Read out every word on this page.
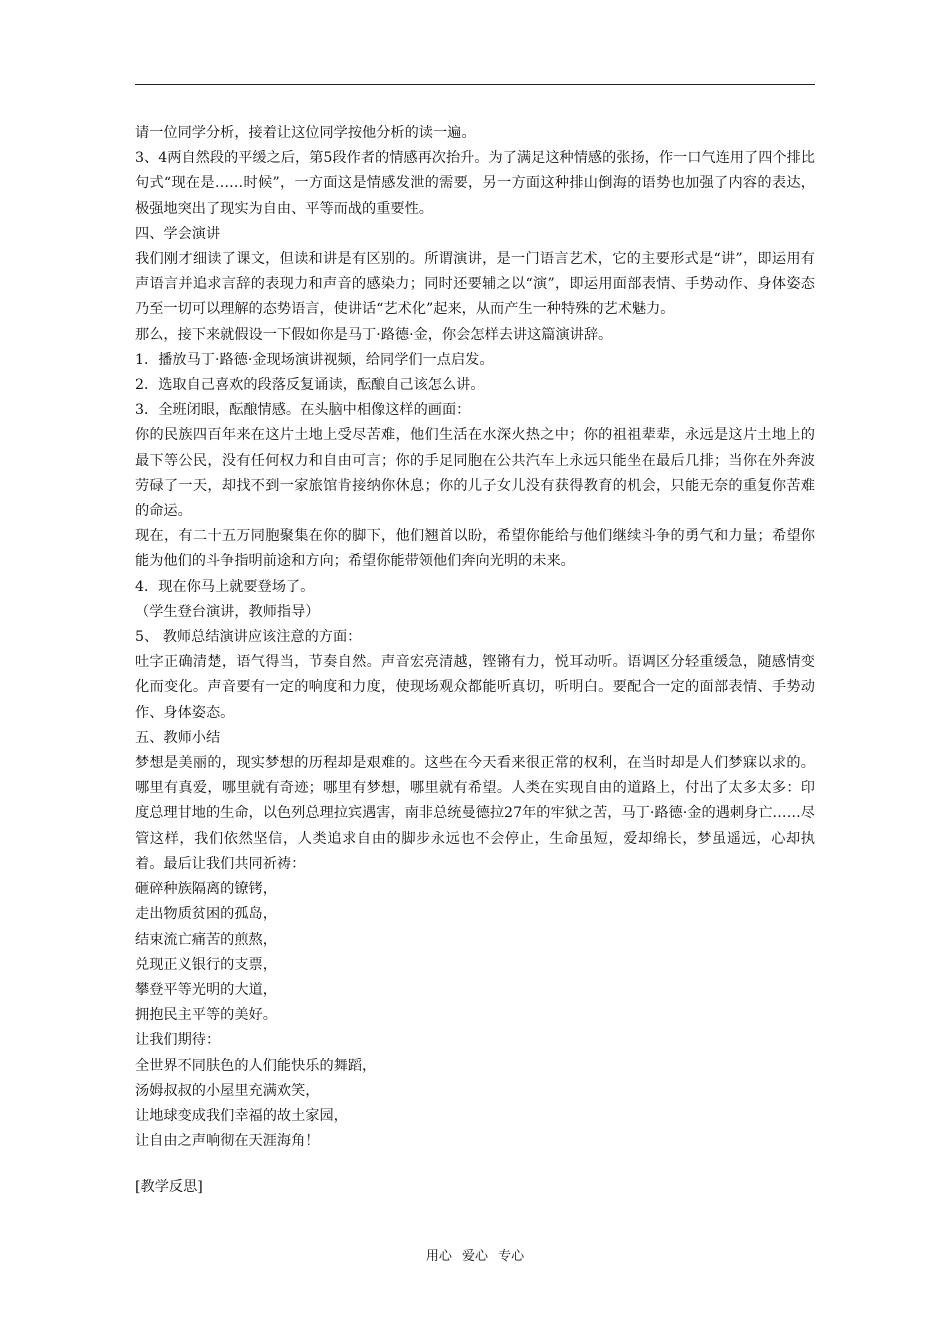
请一位同学分析，接着让这位同学按他分析的读一遍。

3、4两自然段的平缓之后，第5段作者的情感再次抬升。为了满足这种情感的张扬，作一口气连用了四个排比句式“现在是……时候”，一方面这是情感发泄的需要，另一方面这种排山倒海的语势也加强了内容的表达，极强地突出了现实为自由、平等而战的重要性。

四、学会演讲

我们刚才细读了课文，但读和讲是有区别的。所谓演讲，是一门语言艺术，它的主要形式是“讲”，即运用有声语言并追求言辞的表现力和声音的感染力；同时还要辅之以“演”，即运用面部表情、手势动作、身体姿态乃至一切可以理解的态势语言，使讲话“艺术化”起来，从而产生一种特殊的艺术魅力。

那么，接下来就假设一下假如你是马丁·路德·金，你会怎样去讲这篇演讲辞。

1．播放马丁·路德·金现场演讲视频，给同学们一点启发。

2．选取自己喜欢的段落反复诵读，酝酿自己该怎么讲。

3．全班闭眼，酝酿情感。在头脑中相像这样的画面：

你的民族四百年来在这片土地上受尽苦难，他们生活在水深火热之中；你的祖祖辈辈，永远是这片土地上的最下等公民，没有任何权力和自由可言；你的手足同胞在公共汽车上永远只能坐在最后几排；当你在外奔波劳碌了一天，却找不到一家旅馆肯接纳你休息；你的儿子女儿没有获得教育的机会，只能无奈的重复你苦难的命运。

现在，有二十五万同胞聚集在你的脚下，他们翘首以盼，希望你能给与他们继续斗争的勇气和力量；希望你能为他们的斗争指明前途和方向；希望你能带领他们奔向光明的未来。

4．现在你马上就要登场了。

（学生登台演讲，教师指导）

5、 教师总结演讲应该注意的方面：

吐字正确清楚，语气得当，节奏自然。声音宏亮清越，铿锵有力，悦耳动听。语调区分轻重缓急，随感情变化而变化。声音要有一定的响度和力度，使现场观众都能听真切，听明白。要配合一定的面部表情、手势动作、身体姿态。

五、教师小结

梦想是美丽的，现实梦想的历程却是艰难的。这些在今天看来很正常的权利，在当时却是人们梦寐以求的。哪里有真爱，哪里就有奇迹；哪里有梦想，哪里就有希望。人类在实现自由的道路上，付出了太多太多：印度总理甘地的生命，以色列总理拉宾遇害，南非总统曼德拉27年的牢狱之苦，马丁·路德·金的遇刺身亡……尽管这样，我们依然坚信，人类追求自由的脚步永远也不会停止，生命虽短，爱却绵长，梦虽遥远，心却执着。最后让我们共同祈祷：

砸碎种族隔离的镣铐，

走出物质贫困的孤岛，

结束流亡痛苦的煎熬，

兑现正义银行的支票，

攀登平等光明的大道，

拥抱民主平等的美好。

让我们期待：

全世界不同肤色的人们能快乐的舞蹈，

汤姆叔叔的小屋里充满欢笑，

让地球变成我们幸福的故土家园，

让自由之声响彻在天涯海角！

[教学反思]

用心 爱心 专心
